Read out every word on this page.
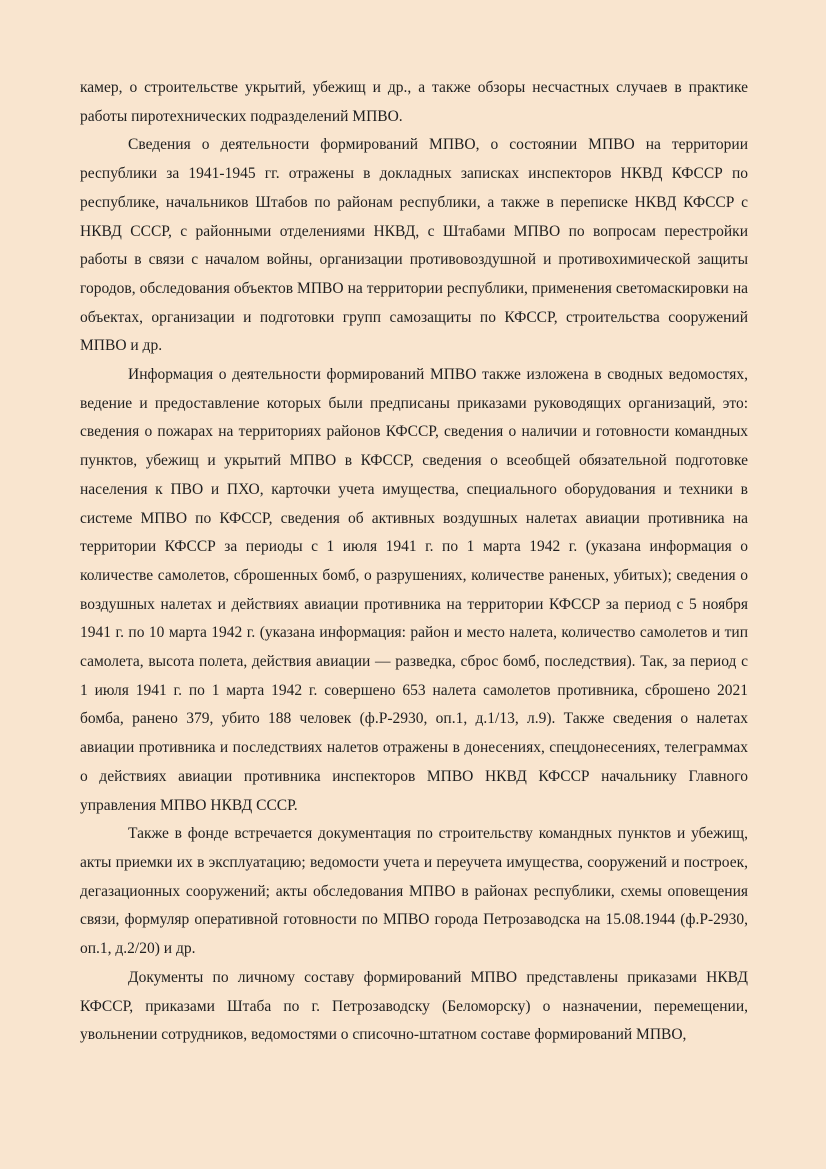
камер, о строительстве укрытий, убежищ и др., а также обзоры несчастных случаев в практике работы пиротехнических подразделений МПВО.

Сведения о деятельности формирований МПВО, о состоянии МПВО на территории республики за 1941-1945 гг. отражены в докладных записках инспекторов НКВД КФССР по республике, начальников Штабов по районам республики, а также в переписке НКВД КФССР с НКВД СССР, с районными отделениями НКВД, с Штабами МПВО по вопросам перестройки работы в связи с началом войны, организации противовоздушной и противохимической защиты городов, обследования объектов МПВО на территории республики, применения светомаскировки на объектах, организации и подготовки групп самозащиты по КФССР, строительства сооружений МПВО и др.

Информация о деятельности формирований МПВО также изложена в сводных ведомостях, ведение и предоставление которых были предписаны приказами руководящих организаций, это: сведения о пожарах на территориях районов КФССР, сведения о наличии и готовности командных пунктов, убежищ и укрытий МПВО в КФССР, сведения о всеобщей обязательной подготовке населения к ПВО и ПХО, карточки учета имущества, специального оборудования и техники в системе МПВО по КФССР, сведения об активных воздушных налетах авиации противника на территории КФССР за периоды с 1 июля 1941 г. по 1 марта 1942 г. (указана информация о количестве самолетов, сброшенных бомб, о разрушениях, количестве раненых, убитых); сведения о воздушных налетах и действиях авиации противника на территории КФССР за период с 5 ноября 1941 г. по 10 марта 1942 г. (указана информация: район и место налета, количество самолетов и тип самолета, высота полета, действия авиации — разведка, сброс бомб, последствия). Так, за период с 1 июля 1941 г. по 1 марта 1942 г. совершено 653 налета самолетов противника, сброшено 2021 бомба, ранено 379, убито 188 человек (ф.Р-2930, оп.1, д.1/13, л.9). Также сведения о налетах авиации противника и последствиях налетов отражены в донесениях, спецдонесениях, телеграммах о действиях авиации противника инспекторов МПВО НКВД КФССР начальнику Главного управления МПВО НКВД СССР.

Также в фонде встречается документация по строительству командных пунктов и убежищ, акты приемки их в эксплуатацию; ведомости учета и переучета имущества, сооружений и построек, дегазационных сооружений; акты обследования МПВО в районах республики, схемы оповещения связи, формуляр оперативной готовности по МПВО города Петрозаводска на 15.08.1944 (ф.Р-2930, оп.1, д.2/20) и др.

Документы по личному составу формирований МПВО представлены приказами НКВД КФССР, приказами Штаба по г. Петрозаводску (Беломорску) о назначении, перемещении, увольнении сотрудников, ведомостями о списочно-штатном составе формирований МПВО,
